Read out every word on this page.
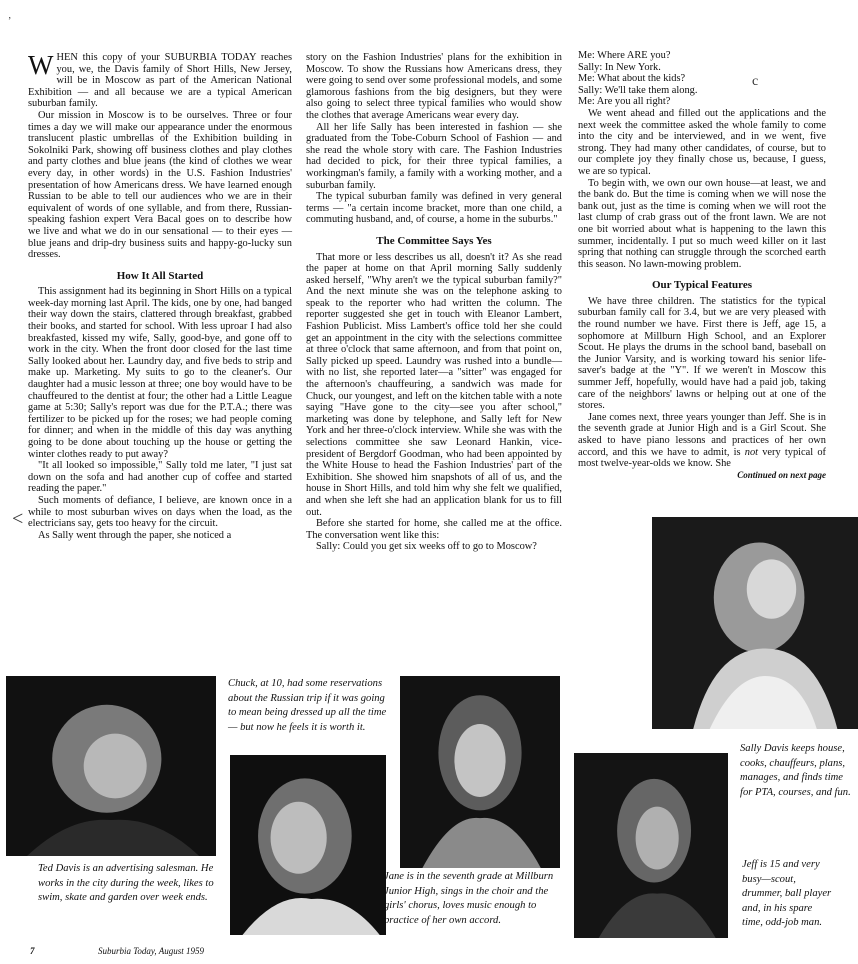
WHEN this copy of your SUBURBIA TODAY reaches you, we, the Davis family of Short Hills, New Jersey, will be in Moscow as part of the American National Exhibition — and all because we are a typical American suburban family.

Our mission in Moscow is to be ourselves. Three or four times a day we will make our appearance under the enormous translucent plastic umbrellas of the Exhibition building in Sokolniki Park, showing off business clothes and play clothes and party clothes and blue jeans (the kind of clothes we wear every day, in other words) in the U.S. Fashion Industries' presentation of how Americans dress. We have learned enough Russian to be able to tell our audiences who we are in their equivalent of words of one syllable, and from there, Russian-speaking fashion expert Vera Bacal goes on to describe how we live and what we do in our sensational — to their eyes — blue jeans and drip-dry business suits and happy-go-lucky sun dresses.

How It All Started

This assignment had its beginning in Short Hills on a typical week-day morning last April. The kids, one by one, had banged their way down the stairs, clattered through breakfast, grabbed their books, and started for school. With less uproar I had also breakfasted, kissed my wife, Sally, good-bye, and gone off to work in the city. When the front door closed for the last time Sally looked about her. Laundry day, and five beds to strip and make up. Marketing. My suits to go to the cleaner's. Our daughter had a music lesson at three; one boy would have to be chauffeured to the dentist at four; the other had a Little League game at 5:30; Sally's report was due for the P.T.A.; there was fertilizer to be picked up for the roses; we had people coming for dinner; and when in the middle of this day was anything going to be done about touching up the house or getting the winter clothes ready to put away?

"It all looked so impossible," Sally told me later, "I just sat down on the sofa and had another cup of coffee and started reading the paper."

Such moments of defiance, I believe, are known once in a while to most suburban wives on days when the load, as the electricians say, gets too heavy for the circuit.

As Sally went through the paper, she noticed a

story on the Fashion Industries' plans for the exhibition in Moscow. To show the Russians how Americans dress, they were going to send over some professional models, and some glamorous fashions from the big designers, but they were also going to select three typical families who would show the clothes that average Americans wear every day.

All her life Sally has been interested in fashion — she graduated from the Tobe-Coburn School of Fashion — and she read the whole story with care. The Fashion Industries had decided to pick, for their three typical families, a workingman's family, a family with a working mother, and a suburban family.

The typical suburban family was defined in very general terms — "a certain income bracket, more than one child, a commuting husband, and, of course, a home in the suburbs."

The Committee Says Yes

That more or less describes us all, doesn't it? As she read the paper at home on that April morning Sally suddenly asked herself, "Why aren't we the typical suburban family?" And the next minute she was on the telephone asking to speak to the reporter who had written the column. The reporter suggested she get in touch with Eleanor Lambert, Fashion Publicist. Miss Lambert's office told her she could get an appointment in the city with the selections committee at three o'clock that same afternoon, and from that point on, Sally picked up speed. Laundry was rushed into a bundle—with no list, she reported later—a "sitter" was engaged for the afternoon's chauffeuring, a sandwich was made for Chuck, our youngest, and left on the kitchen table with a note saying "Have gone to the city—see you after school," marketing was done by telephone, and Sally left for New York and her three-o'clock interview. While she was with the selections committee she saw Leonard Hankin, vice-president of Bergdorf Goodman, who had been appointed by the White House to head the Fashion Industries' part of the Exhibition. She showed him snapshots of all of us, and the house in Short Hills, and told him why she felt we qualified, and when she left she had an application blank for us to fill out.

Before she started for home, she called me at the office. The conversation went like this:

Sally: Could you get six weeks off to go to Moscow?

Me: Where ARE you?

Sally: In New York.

Me: What about the kids?

Sally: We'll take them along.

Me: Are you all right?

We went ahead and filled out the applications and the next week the committee asked the whole family to come into the city and be interviewed, and in we went, five strong. They had many other candidates, of course, but to our complete joy they finally chose us, because, I guess, we are so typical.

To begin with, we own our own house—at least, we and the bank do. But the time is coming when we will nose the bank out, just as the time is coming when we will root the last clump of crab grass out of the front lawn. We are not one bit worried about what is happening to the lawn this summer, incidentally. I put so much weed killer on it last spring that nothing can struggle through the scorched earth this season. No lawn-mowing problem.

Our Typical Features

We have three children. The statistics for the typical suburban family call for 3.4, but we are very pleased with the round number we have. First there is Jeff, age 15, a sophomore at Millburn High School, and an Explorer Scout. He plays the drums in the school band, baseball on the Junior Varsity, and is working toward his senior life-saver's badge at the "Y". If we weren't in Moscow this summer Jeff, hopefully, would have had a paid job, taking care of the neighbors' lawns or helping out at one of the stores.

Jane comes next, three years younger than Jeff. She is in the seventh grade at Junior High and is a Girl Scout. She asked to have piano lessons and practices of her own accord, and this we have to admit, is not very typical of most twelve-year-olds we know. She

Continued on next page

Chuck, at 10, had some reservations about the Russian trip if it was going to mean being dressed up all the time — but now he feels it is worth it.
Sally Davis keeps house, cooks, chauffeurs, plans, manages, and finds time for PTA, courses, and fun.
Ted Davis is an advertising salesman. He works in the city during the week, likes to swim, skate and garden over week ends.
Jane is in the seventh grade at Millburn Junior High, sings in the choir and the girls' chorus, loves music enough to practice of her own accord.
Jeff is 15 and very busy—scout, drummer, ball player and, in his spare time, odd-job man.
7	Suburbia Today, August 1959
‚
c
<
